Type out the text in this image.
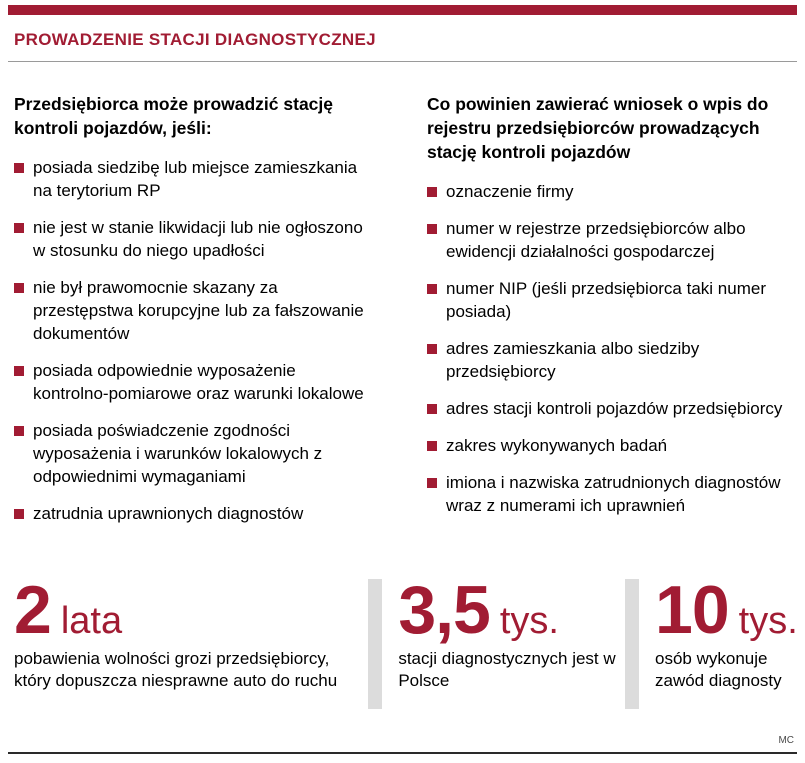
PROWADZENIE STACJI DIAGNOSTYCZNEJ
Przedsiębiorca może prowadzić stację kontroli pojazdów, jeśli:
posiada siedzibę lub miejsce zamieszkania na terytorium RP
nie jest w stanie likwidacji lub nie ogłoszono w stosunku do niego upadłości
nie był prawomocnie skazany za przestępstwa korupcyjne lub za fałszowanie dokumentów
posiada odpowiednie wyposażenie kontrolno-pomiarowe oraz warunki lokalowe
posiada poświadczenie zgodności wyposażenia i warunków lokalowych z odpowiednimi wymaganiami
zatrudnia uprawnionych diagnostów
Co powinien zawierać wniosek o wpis do rejestru przedsiębiorców prowadzących stację kontroli pojazdów
oznaczenie firmy
numer w rejestrze przedsiębiorców albo ewidencji działalności gospodarczej
numer NIP (jeśli przedsiębiorca taki numer posiada)
adres zamieszkania albo siedziby przedsiębiorcy
adres stacji kontroli pojazdów przedsiębiorcy
zakres wykonywanych badań
imiona i nazwiska zatrudnionych diagnostów wraz z numerami ich uprawnień
2 lata
pobawienia wolności grozi przedsiębiorcy, który dopuszcza niesprawne auto do ruchu
3,5 tys.
stacji diagnostycznych jest w Polsce
10 tys.
osób wykonuje zawód diagnosty
MC
